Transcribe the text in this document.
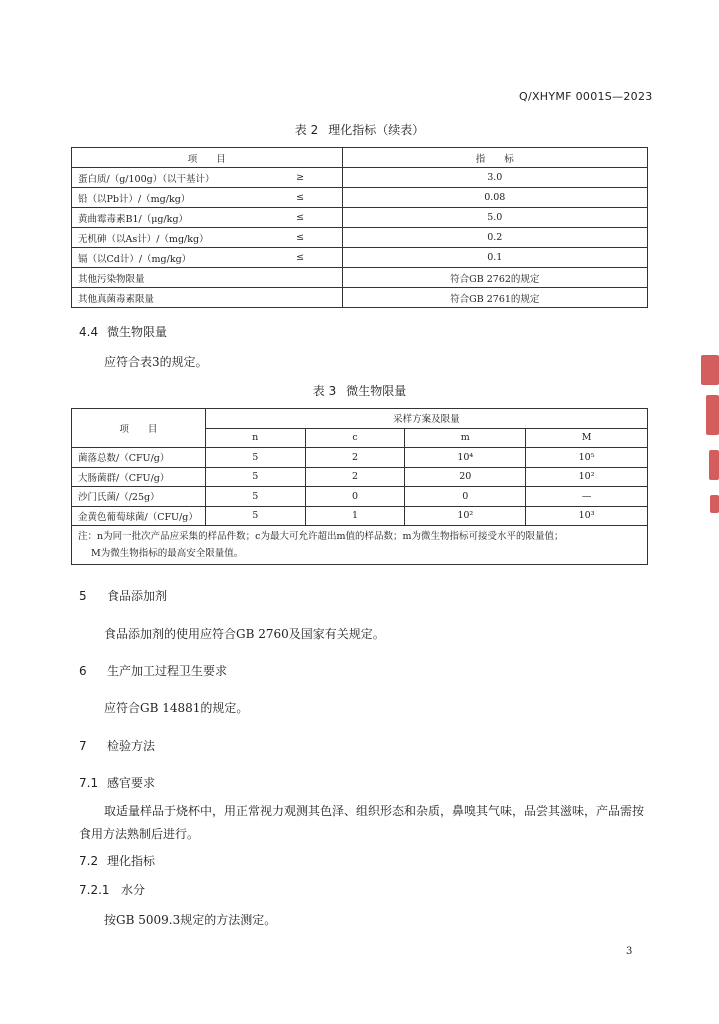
Q/XHYMF 0001S—2023
表 2 理化指标（续表）
项　　目		指　　标
蛋白质/（g/100g）（以干基计）	≥	3.0
铅（以Pb计）/（mg/kg）	≤	0.08
黄曲霉毒素B1/（μg/kg）	≤	5.0
无机砷（以As计）/（mg/kg）	≤	0.2
镉（以Cd计）/（mg/kg）	≤	0.1
其他污染物限量		符合GB 2762的规定
其他真菌毒素限量		符合GB 2761的规定
4.4 微生物限量
应符合表3的规定。
表 3 微生物限量
项　　目	采样方案及限量			
	n	c	m	M
菌落总数/（CFU/g）	5	2	10⁴	10⁵
大肠菌群/（CFU/g）	5	2	20	10²
沙门氏菌/（/25g）	5	0	0	—
金黄色葡萄球菌/（CFU/g）	5	1	10²	10³

注：n为同一批次产品应采集的样品件数；c为最大可允许超出m值的样品数；m为微生物指标可接受水平的限量值；
M为微生物指标的最高安全限量值。				
5 食品添加剂
食品添加剂的使用应符合GB 2760及国家有关规定。
6 生产加工过程卫生要求
应符合GB 14881的规定。
7 检验方法
7.1 感官要求
取适量样品于烧杯中，用正常视力观测其色泽、组织形态和杂质，鼻嗅其气味，品尝其滋味，产品需按食用方法熟制后进行。
7.2 理化指标
7.2.1 水分
按GB 5009.3规定的方法测定。
3
